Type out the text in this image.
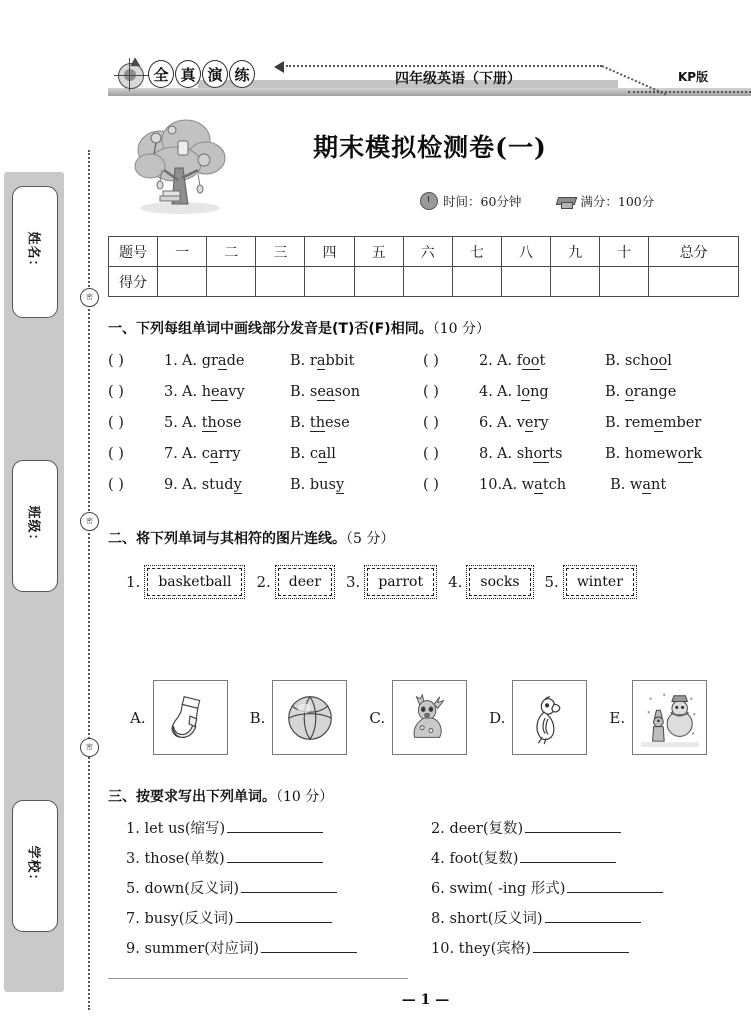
姓名：
班级：
学校：
密
密
密
全 真 演 练	四年级英语（下册）	KP版
期末模拟检测卷(一)
时间：60分钟	满分：100分
题号	一	二	三	四	五	六	七	八	九	十	总分
得分											
一、下列每组单词中画线部分发音是(T)否(F)相同。（10 分）
( )	1. A. grade	B. rabbit	( )	2. A. foot	B. school
( )	3. A. heavy	B. season	( )	4. A. long	B. orange
( )	5. A. those	B. these	( )	6. A. very	B. remember
( )	7. A. carry	B. call	( )	8. A. shorts	B. homework
( )	9. A. study	B. busy	( )	10. A. watch	B. want
二、将下列单词与其相符的图片连线。（5 分）
1.	basketball	2.	deer	3.	parrot	4.	socks	5.	winter
A.	B.	C.	D.	E.
三、按要求写出下列单词。（10 分）
1. let us(缩写)	2. deer(复数)
3. those(单数)	4. foot(复数)
5. down(反义词)	6. swim( -ing 形式)
7. busy(反义词)	8. short(反义词)
9. summer(对应词)	10. they(宾格)
— 1 —
